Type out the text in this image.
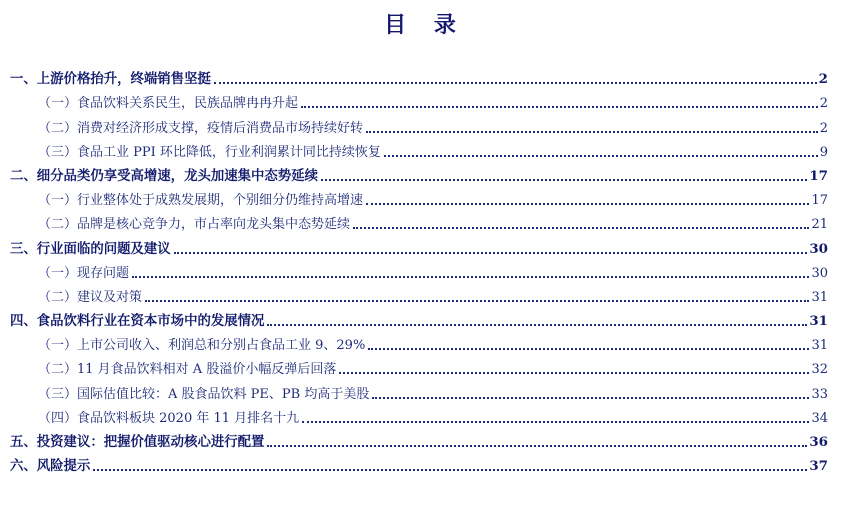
目 录
一、上游价格抬升，终端销售坚挺	2
（一）食品饮料关系民生，民族品牌冉冉升起	2
（二）消费对经济形成支撑，疫情后消费品市场持续好转	2
（三）食品工业 PPI 环比降低，行业利润累计同比持续恢复	9
二、细分品类仍享受高增速，龙头加速集中态势延续	17
（一）行业整体处于成熟发展期，个别细分仍维持高增速	17
（二）品牌是核心竞争力，市占率向龙头集中态势延续	21
三、行业面临的问题及建议	30
（一）现存问题	30
（二）建议及对策	31
四、食品饮料行业在资本市场中的发展情况	31
（一）上市公司收入、利润总和分别占食品工业 9、29%	31
（二）11 月食品饮料相对 A 股溢价小幅反弹后回落	32
（三）国际估值比较：A 股食品饮料 PE、PB 均高于美股	33
（四）食品饮料板块 2020 年 11 月排名十九	34
五、投资建议：把握价值驱动核心进行配置	36
六、风险提示	37
